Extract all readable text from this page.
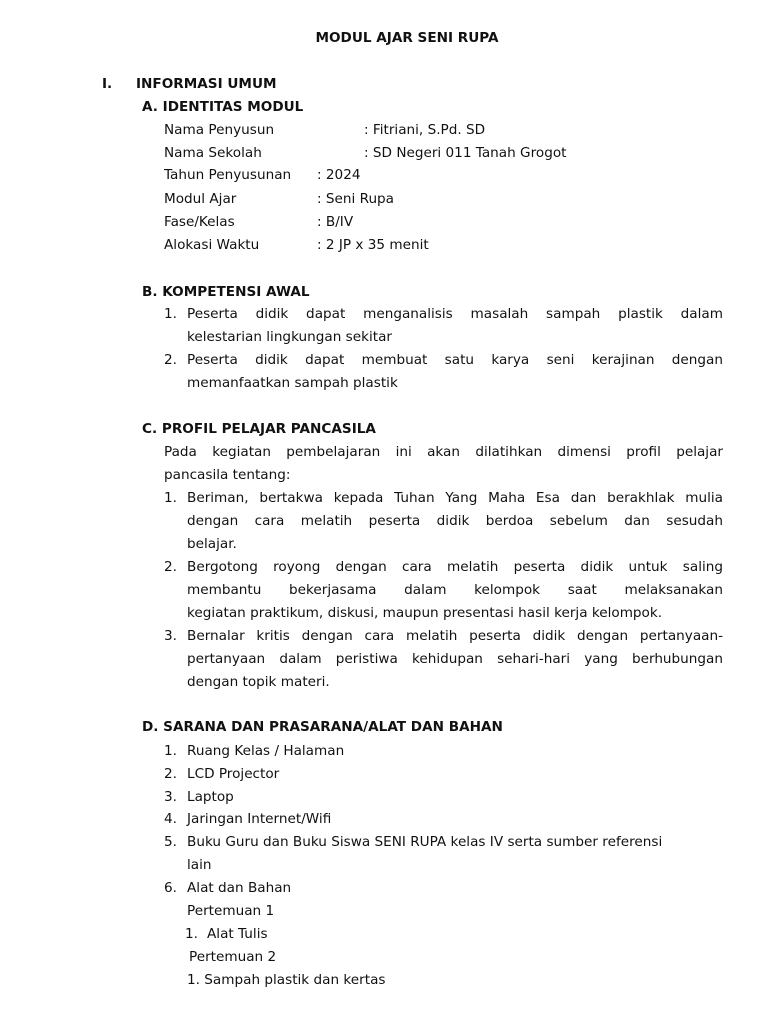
MODUL AJAR SENI RUPA
I. INFORMASI UMUM
A. IDENTITAS MODUL
Nama Penyusun	: Fitriani, S.Pd. SD
Nama Sekolah	: SD Negeri 011 Tanah Grogot
Tahun Penyusunan : 2024
Modul Ajar	: Seni Rupa
Fase/Kelas	: B/IV
Alokasi Waktu	: 2 JP x 35 menit
B. KOMPETENSI AWAL
1. Peserta didik dapat menganalisis masalah sampah plastik dalam
kelestarian lingkungan sekitar
2. Peserta didik dapat membuat satu karya seni kerajinan dengan
memanfaatkan sampah plastik
C. PROFIL PELAJAR PANCASILA
Pada kegiatan pembelajaran ini akan dilatihkan dimensi profil pelajar
pancasila tentang:
1. Beriman, bertakwa kepada Tuhan Yang Maha Esa dan berakhlak mulia
dengan cara melatih peserta didik berdoa sebelum dan sesudah
belajar.
2. Bergotong royong dengan cara melatih peserta didik untuk saling
membantu bekerjasama dalam kelompok saat melaksanakan
kegiatan praktikum, diskusi, maupun presentasi hasil kerja kelompok.
3. Bernalar kritis dengan cara melatih peserta didik dengan pertanyaan-
pertanyaan dalam peristiwa kehidupan sehari-hari yang berhubungan
dengan topik materi.
D. SARANA DAN PRASARANA/ALAT DAN BAHAN
1. Ruang Kelas / Halaman
2. LCD Projector
3. Laptop
4. Jaringan Internet/Wifi
5. Buku Guru dan Buku Siswa SENI RUPA kelas IV serta sumber referensi
lain
6. Alat dan Bahan
Pertemuan 1
1. Alat Tulis
Pertemuan 2
1. Sampah plastik dan kertas
